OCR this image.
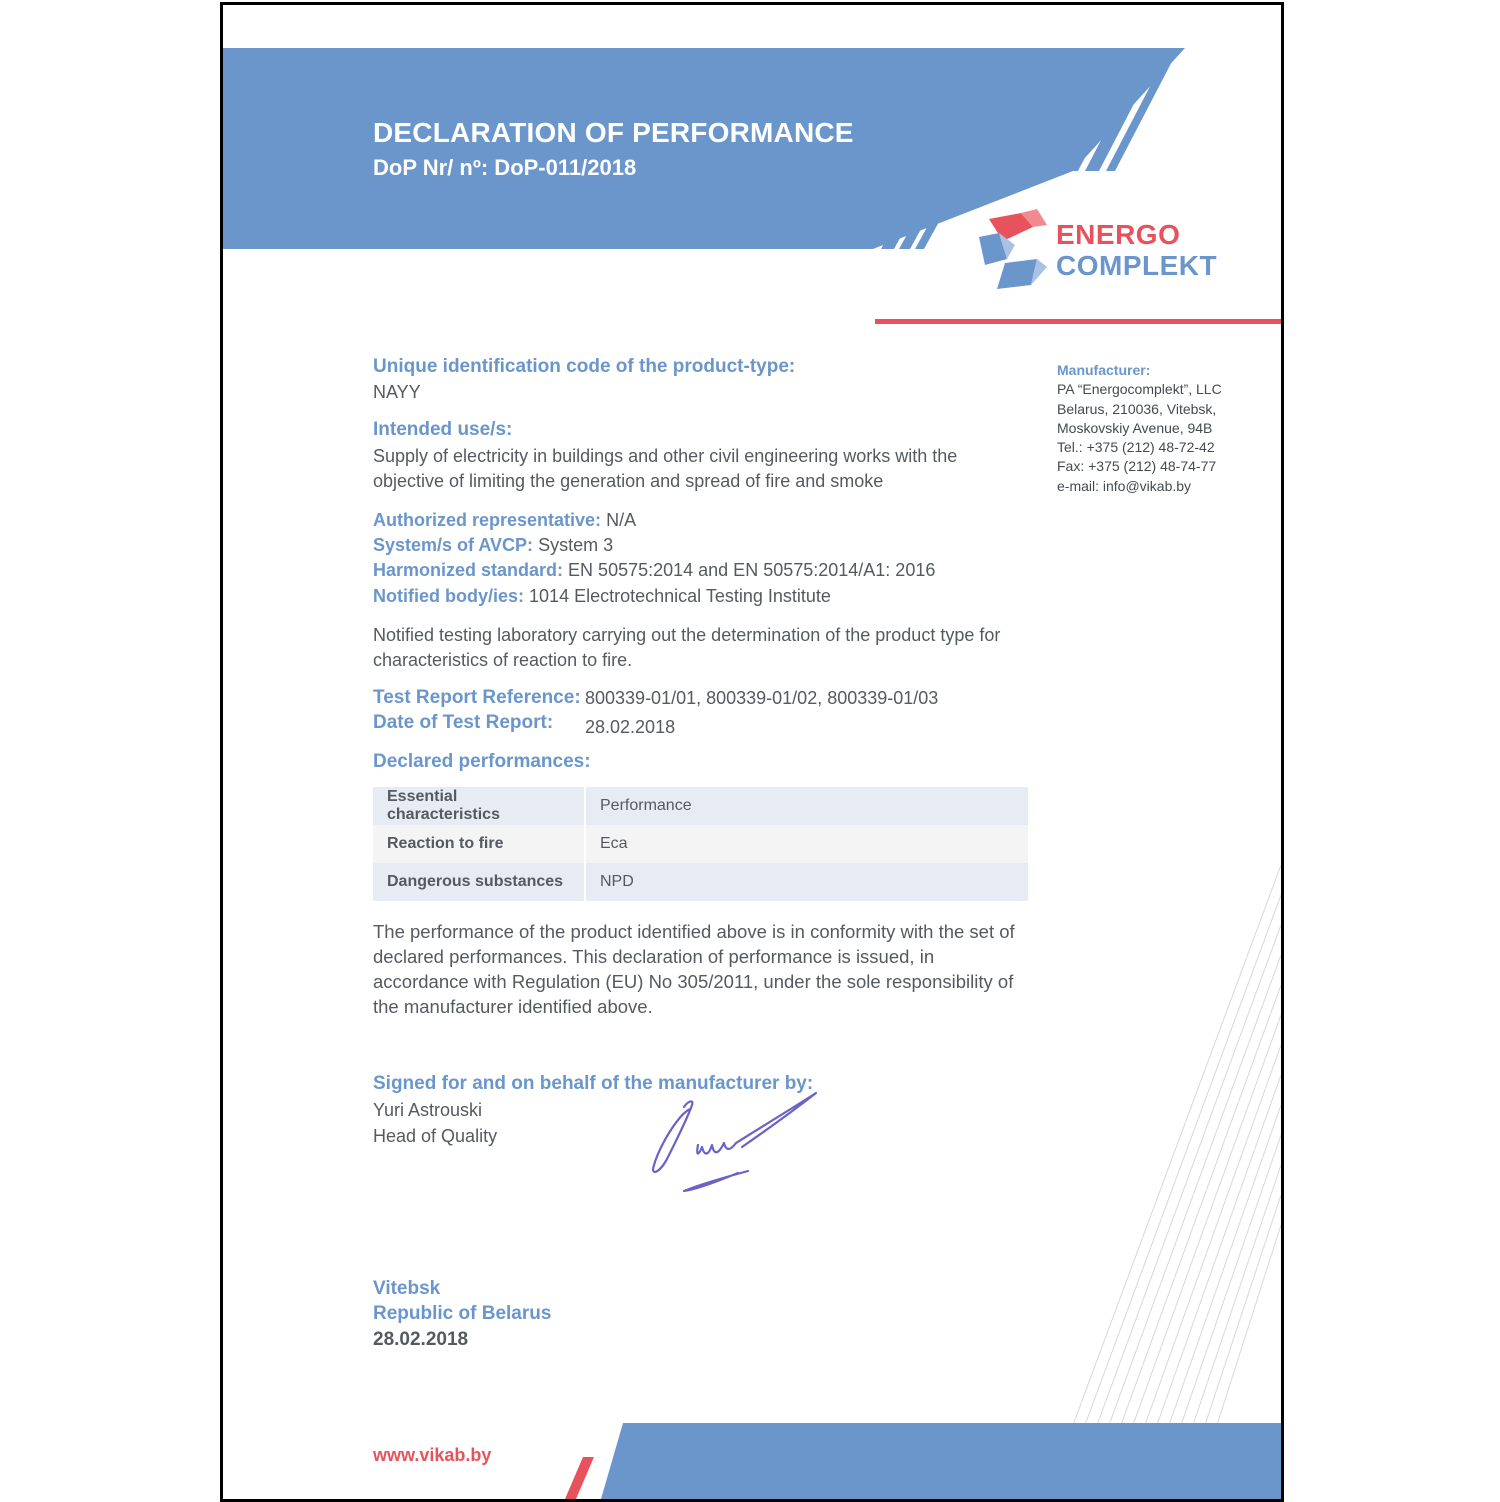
DECLARATION OF PERFORMANCE
DoP Nr/ nº: DoP-011/2018
ENERGO
COMPLEKT
Manufacturer:
PA “Energocomplekt”, LLC
Belarus, 210036, Vitebsk,
Moskovskiy Avenue, 94B
Tel.: +375 (212) 48-72-42
Fax: +375 (212) 48-74-77
e-mail: info@vikab.by
Unique identification code of the product-type:
NAYY
Intended use/s:
Supply of electricity in buildings and other civil engineering works with the objective of limiting the generation and spread of fire and smoke
Authorized representative: N/A
System/s of AVCP: System 3
Harmonized standard: EN 50575:2014 and EN 50575:2014/A1: 2016
Notified body/ies: 1014 Electrotechnical Testing Institute
Notified testing laboratory carrying out the determination of the product type for characteristics of reaction to fire.
Test Report Reference: 800339-01/01, 800339-01/02, 800339-01/03
Date of Test Report: 28.02.2018
Declared performances:
Essential characteristics	Performance
Reaction to fire	Eca
Dangerous substances	NPD
The performance of the product identified above is in conformity with the set of declared performances. This declaration of performance is issued, in accordance with Regulation (EU) No 305/2011, under the sole responsibility of the manufacturer identified above.
Signed for and on behalf of the manufacturer by:
Yuri Astrouski
Head of Quality
Vitebsk
Republic of Belarus
28.02.2018
www.vikab.by
